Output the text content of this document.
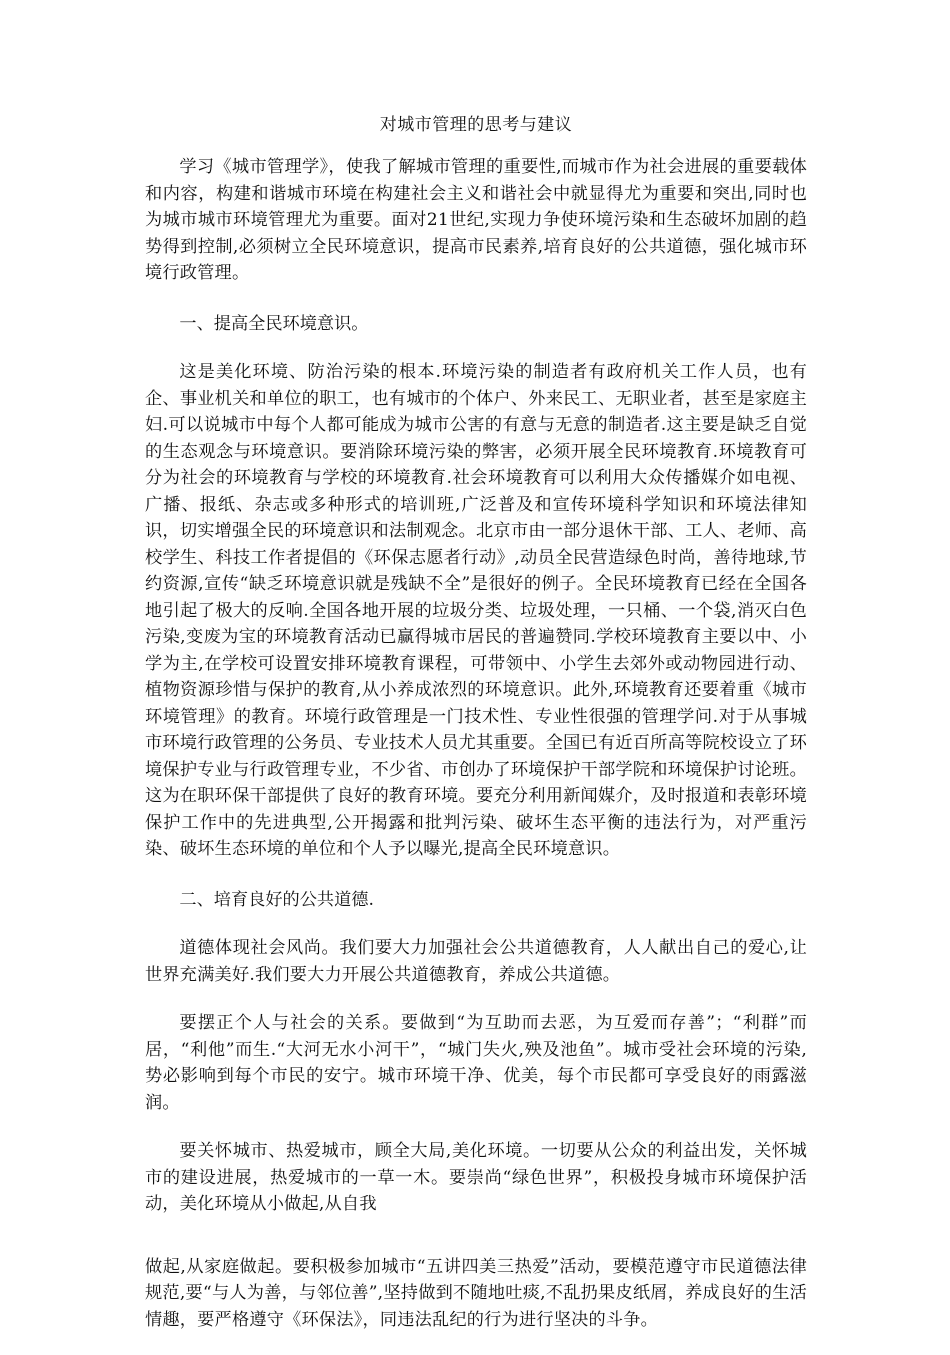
对城市管理的思考与建议

学习《城市管理学》，使我了解城市管理的重要性,而城市作为社会进展的重要载体和内容，构建和谐城市环境在构建社会主义和谐社会中就显得尤为重要和突出,同时也为城市城市环境管理尤为重要。面对21世纪,实现力争使环境污染和生态破坏加剧的趋势得到控制,必须树立全民环境意识，提高市民素养,培育良好的公共道德，强化城市环境行政管理。

一、提高全民环境意识。

这是美化环境、防治污染的根本.环境污染的制造者有政府机关工作人员，也有企、事业机关和单位的职工，也有城市的个体户、外来民工、无职业者，甚至是家庭主妇.可以说城市中每个人都可能成为城市公害的有意与无意的制造者.这主要是缺乏自觉的生态观念与环境意识。要消除环境污染的弊害，必须开展全民环境教育.环境教育可分为社会的环境教育与学校的环境教育.社会环境教育可以利用大众传播媒介如电视、广播、报纸、杂志或多种形式的培训班,广泛普及和宣传环境科学知识和环境法律知识，切实增强全民的环境意识和法制观念。北京市由一部分退休干部、工人、老师、高校学生、科技工作者提倡的《环保志愿者行动》,动员全民营造绿色时尚，善待地球,节约资源,宣传“缺乏环境意识就是残缺不全”是很好的例子。全民环境教育已经在全国各地引起了极大的反响.全国各地开展的垃圾分类、垃圾处理，一只桶、一个袋,消灭白色污染,变废为宝的环境教育活动已赢得城市居民的普遍赞同.学校环境教育主要以中、小学为主,在学校可设置安排环境教育课程，可带领中、小学生去郊外或动物园进行动、植物资源珍惜与保护的教育,从小养成浓烈的环境意识。此外,环境教育还要着重《城市环境管理》的教育。环境行政管理是一门技术性、专业性很强的管理学问.对于从事城市环境行政管理的公务员、专业技术人员尤其重要。全国已有近百所高等院校设立了环境保护专业与行政管理专业，不少省、市创办了环境保护干部学院和环境保护讨论班。这为在职环保干部提供了良好的教育环境。要充分利用新闻媒介，及时报道和表彰环境保护工作中的先进典型,公开揭露和批判污染、破坏生态平衡的违法行为，对严重污染、破坏生态环境的单位和个人予以曝光,提高全民环境意识。

二、培育良好的公共道德.

道德体现社会风尚。我们要大力加强社会公共道德教育，人人献出自己的爱心,让世界充满美好.我们要大力开展公共道德教育，养成公共道德。

要摆正个人与社会的关系。要做到“为互助而去恶，为互爱而存善”；“利群”而居，“利他”而生.“大河无水小河干”，“城门失火,殃及池鱼”。城市受社会环境的污染,势必影响到每个市民的安宁。城市环境干净、优美，每个市民都可享受良好的雨露滋润。

要关怀城市、热爱城市，顾全大局,美化环境。一切要从公众的利益出发，关怀城市的建设进展，热爱城市的一草一木。要崇尚“绿色世界”，积极投身城市环境保护活动，美化环境从小做起,从自我

做起,从家庭做起。要积极参加城市“五讲四美三热爱”活动，要模范遵守市民道德法律规范,要“与人为善，与邻位善”,坚持做到不随地吐痰,不乱扔果皮纸屑，养成良好的生活情趣，要严格遵守《环保法》，同违法乱纪的行为进行坚决的斗争。
